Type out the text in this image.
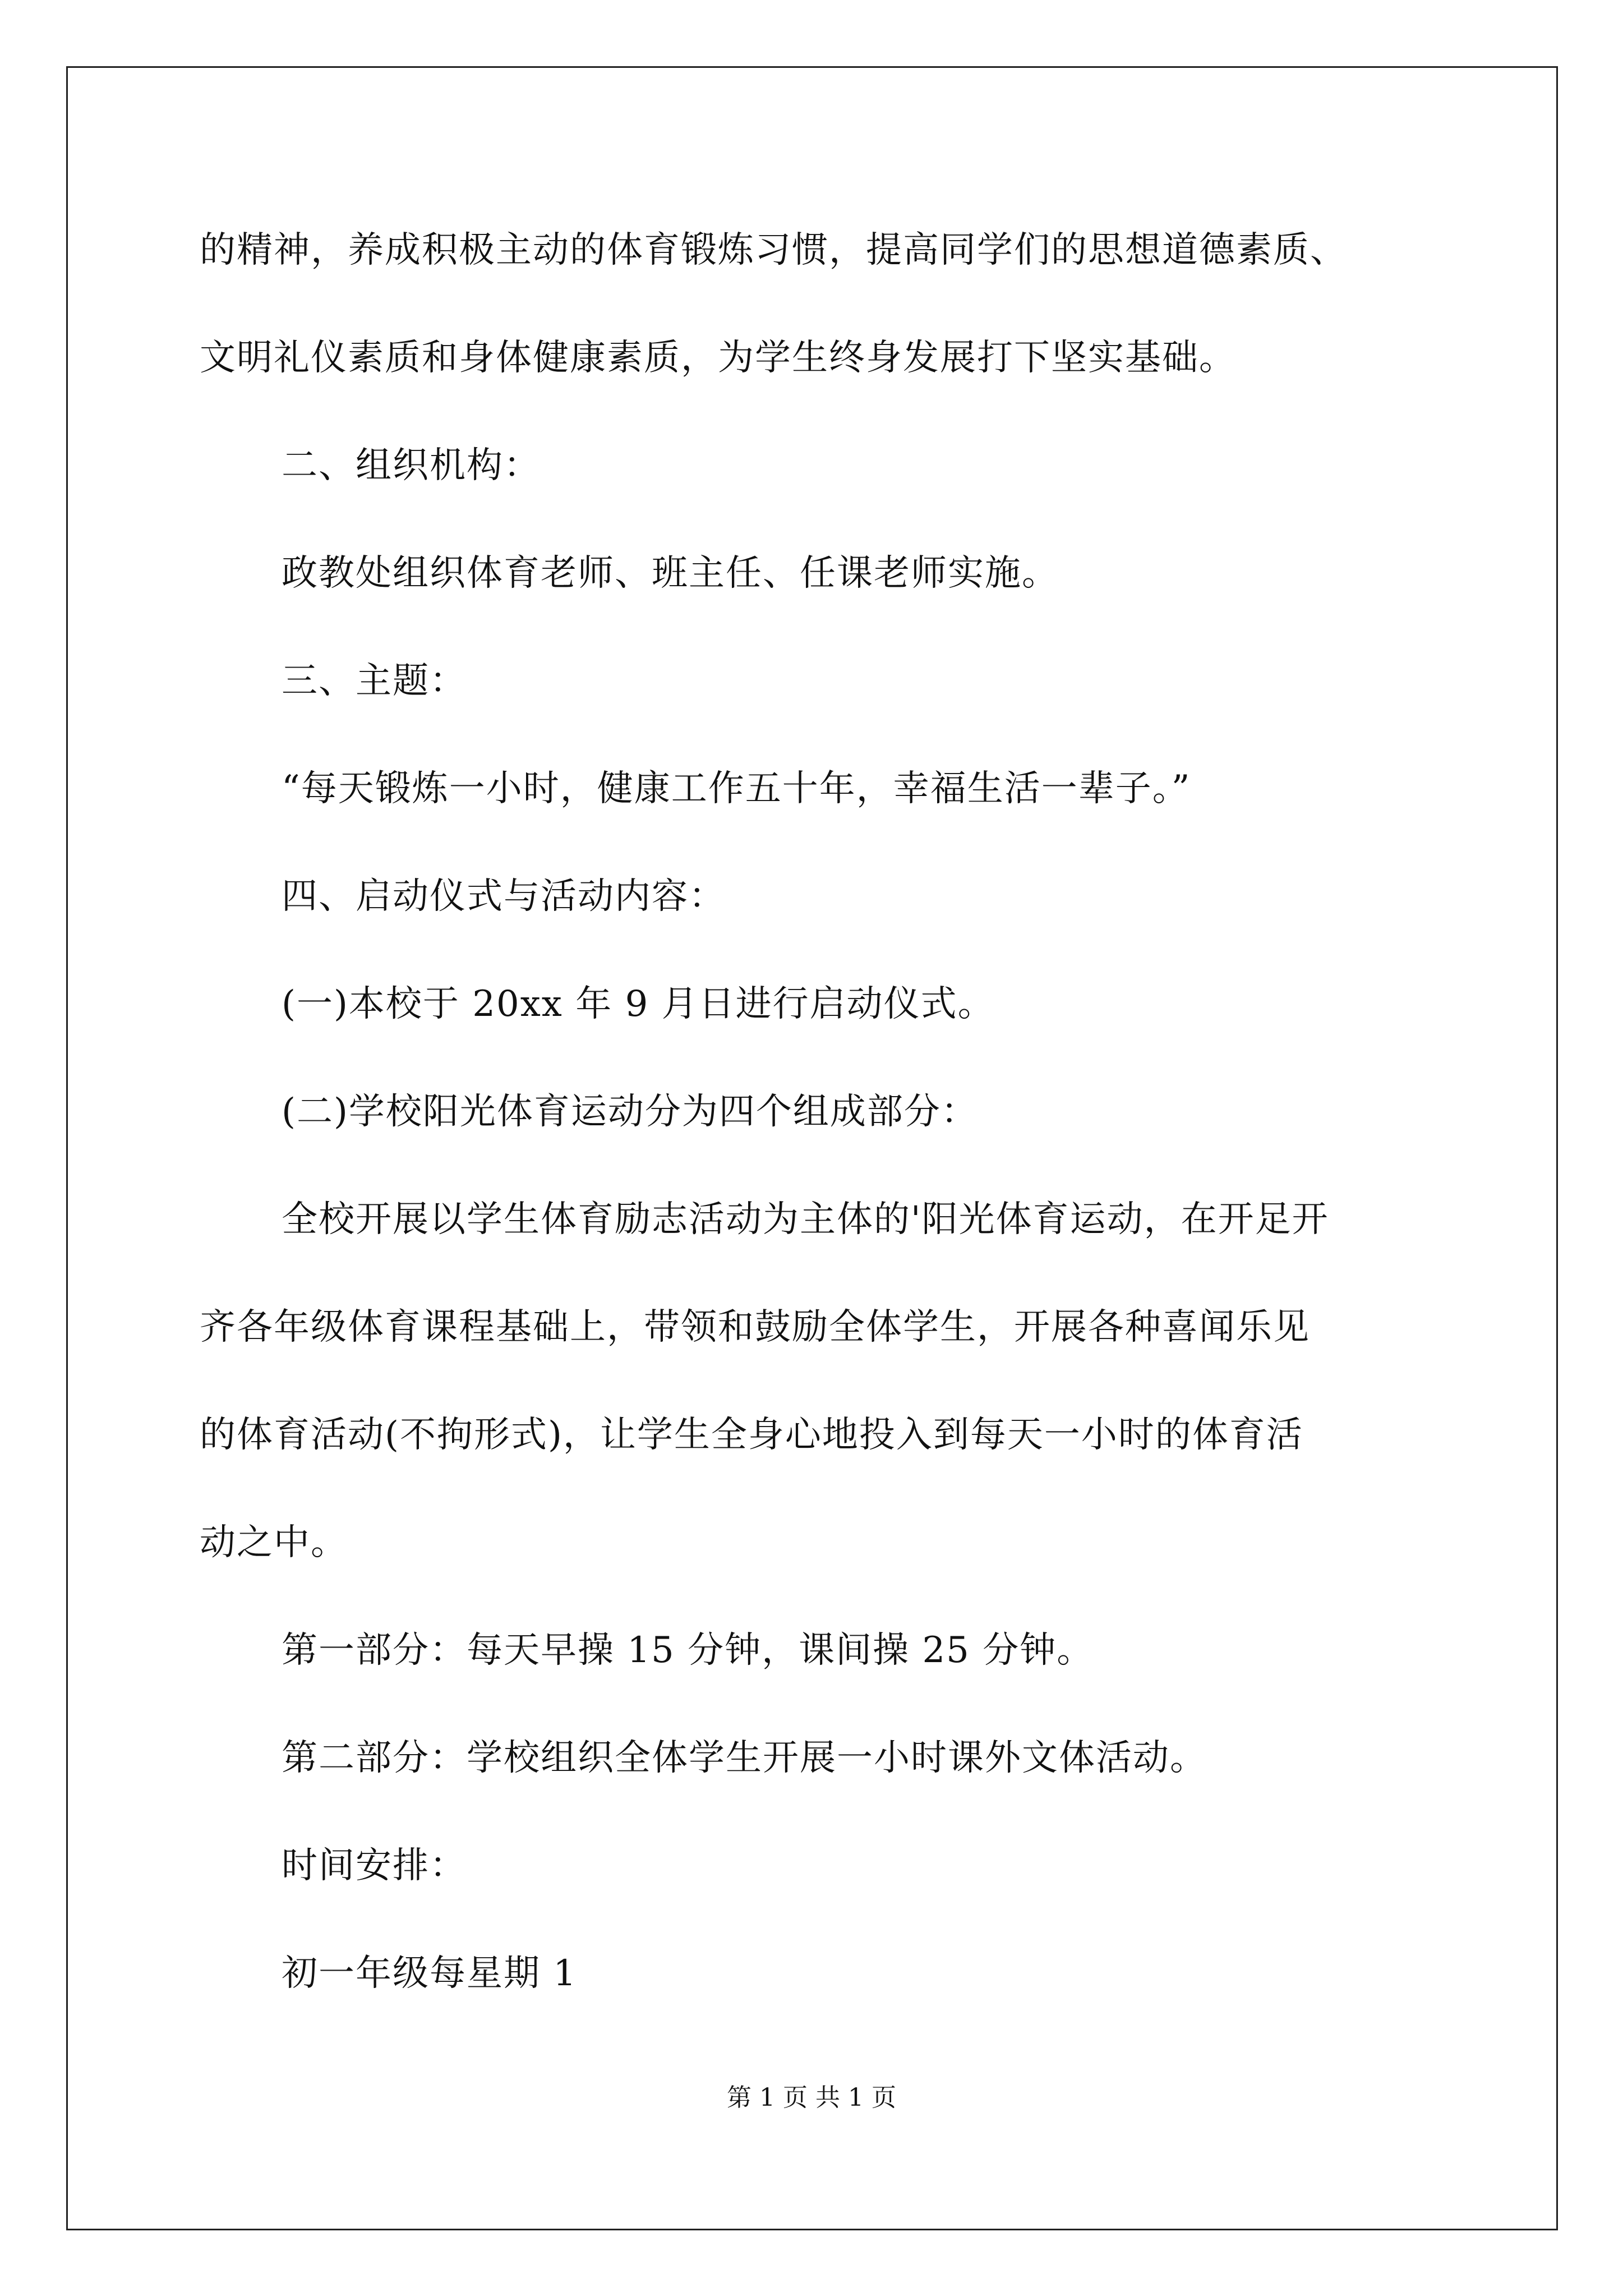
的精神，养成积极主动的体育锻炼习惯，提高同学们的思想道德素质、
文明礼仪素质和身体健康素质，为学生终身发展打下坚实基础。
二、组织机构：
政教处组织体育老师、班主任、任课老师实施。
三、主题：
“每天锻炼一小时，健康工作五十年，幸福生活一辈子。”
四、启动仪式与活动内容：
(一)本校于 20xx 年 9 月日进行启动仪式。
(二)学校阳光体育运动分为四个组成部分：
全校开展以学生体育励志活动为主体的'阳光体育运动，在开足开
齐各年级体育课程基础上，带领和鼓励全体学生，开展各种喜闻乐见
的体育活动(不拘形式)，让学生全身心地投入到每天一小时的体育活
动之中。
第一部分：每天早操 15 分钟，课间操 25 分钟。
第二部分：学校组织全体学生开展一小时课外文体活动。
时间安排：
初一年级每星期 1
第 1 页 共 1 页
